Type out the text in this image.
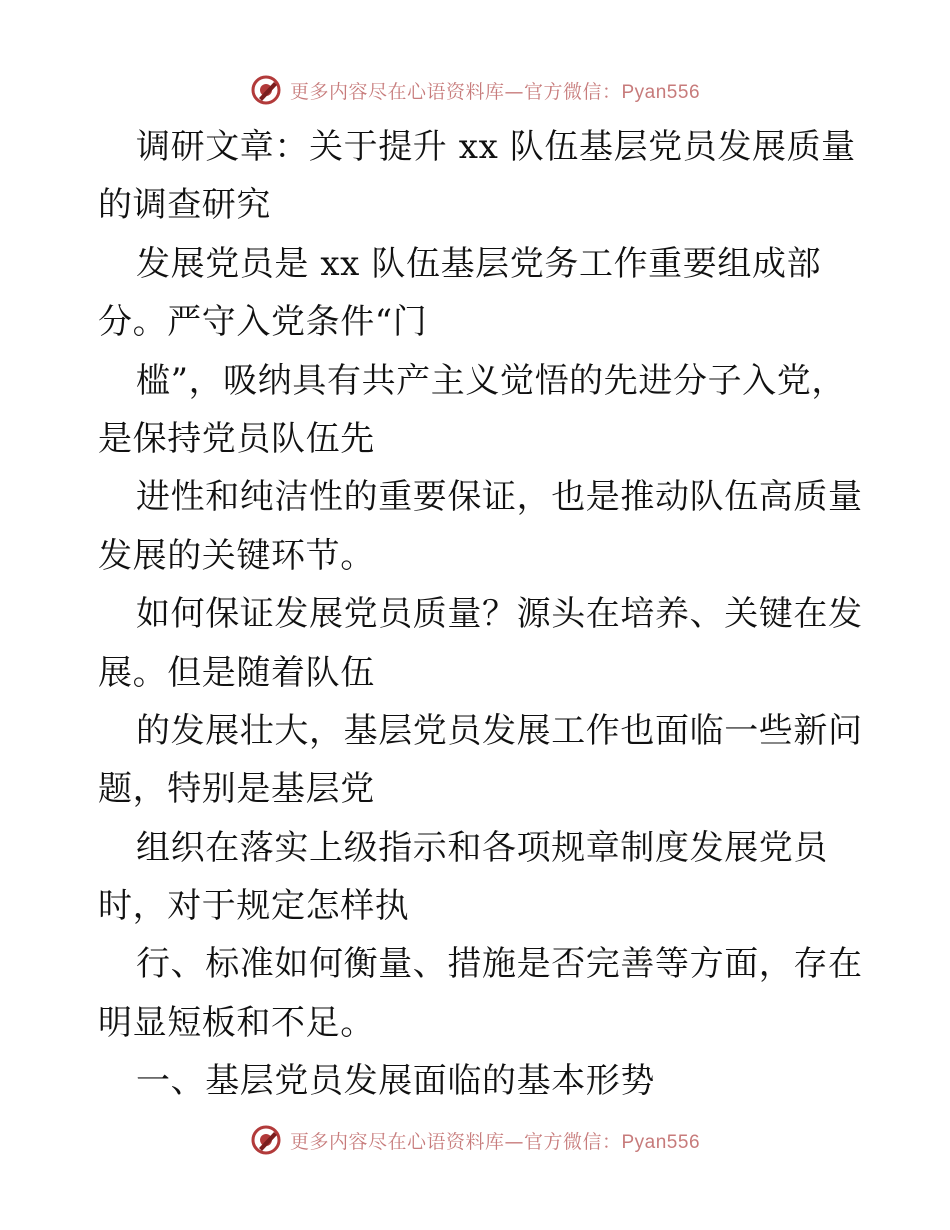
更多内容尽在心语资料库—官方微信：Pyan556
调研文章：关于提升 xx 队伍基层党员发展质量
的调查研究
发展党员是 xx 队伍基层党务工作重要组成部
分。严守入党条件“门
槛”，吸纳具有共产主义觉悟的先进分子入党，
是保持党员队伍先
进性和纯洁性的重要保证，也是推动队伍高质量
发展的关键环节。
如何保证发展党员质量？源头在培养、关键在发
展。但是随着队伍
的发展壮大，基层党员发展工作也面临一些新问
题，特别是基层党
组织在落实上级指示和各项规章制度发展党员
时，对于规定怎样执
行、标准如何衡量、措施是否完善等方面，存在
明显短板和不足。
一、基层党员发展面临的基本形势
更多内容尽在心语资料库—官方微信：Pyan556
